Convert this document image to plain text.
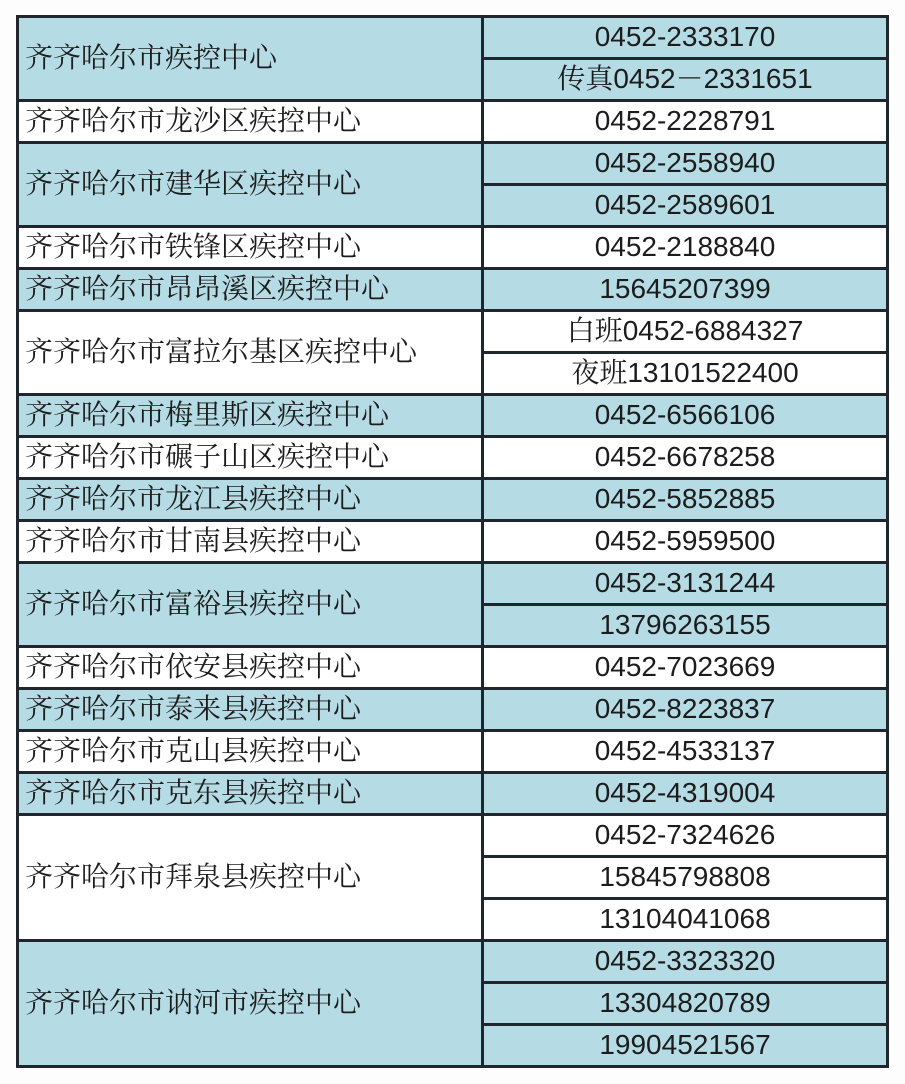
齐齐哈尔市疾控中心	0452-2333170
	传真0452－2331651
齐齐哈尔市龙沙区疾控中心	0452-2228791
齐齐哈尔市建华区疾控中心	0452-2558940
	0452-2589601
齐齐哈尔市铁锋区疾控中心	0452-2188840
齐齐哈尔市昂昂溪区疾控中心	15645207399
齐齐哈尔市富拉尔基区疾控中心	白班0452-6884327
	夜班13101522400
齐齐哈尔市梅里斯区疾控中心	0452-6566106
齐齐哈尔市碾子山区疾控中心	0452-6678258
齐齐哈尔市龙江县疾控中心	0452-5852885
齐齐哈尔市甘南县疾控中心	0452-5959500
齐齐哈尔市富裕县疾控中心	0452-3131244
	13796263155
齐齐哈尔市依安县疾控中心	0452-7023669
齐齐哈尔市泰来县疾控中心	0452-8223837
齐齐哈尔市克山县疾控中心	0452-4533137
齐齐哈尔市克东县疾控中心	0452-4319004
齐齐哈尔市拜泉县疾控中心	0452-7324626
	15845798808
	13104041068
齐齐哈尔市讷河市疾控中心	0452-3323320
	13304820789
	19904521567
